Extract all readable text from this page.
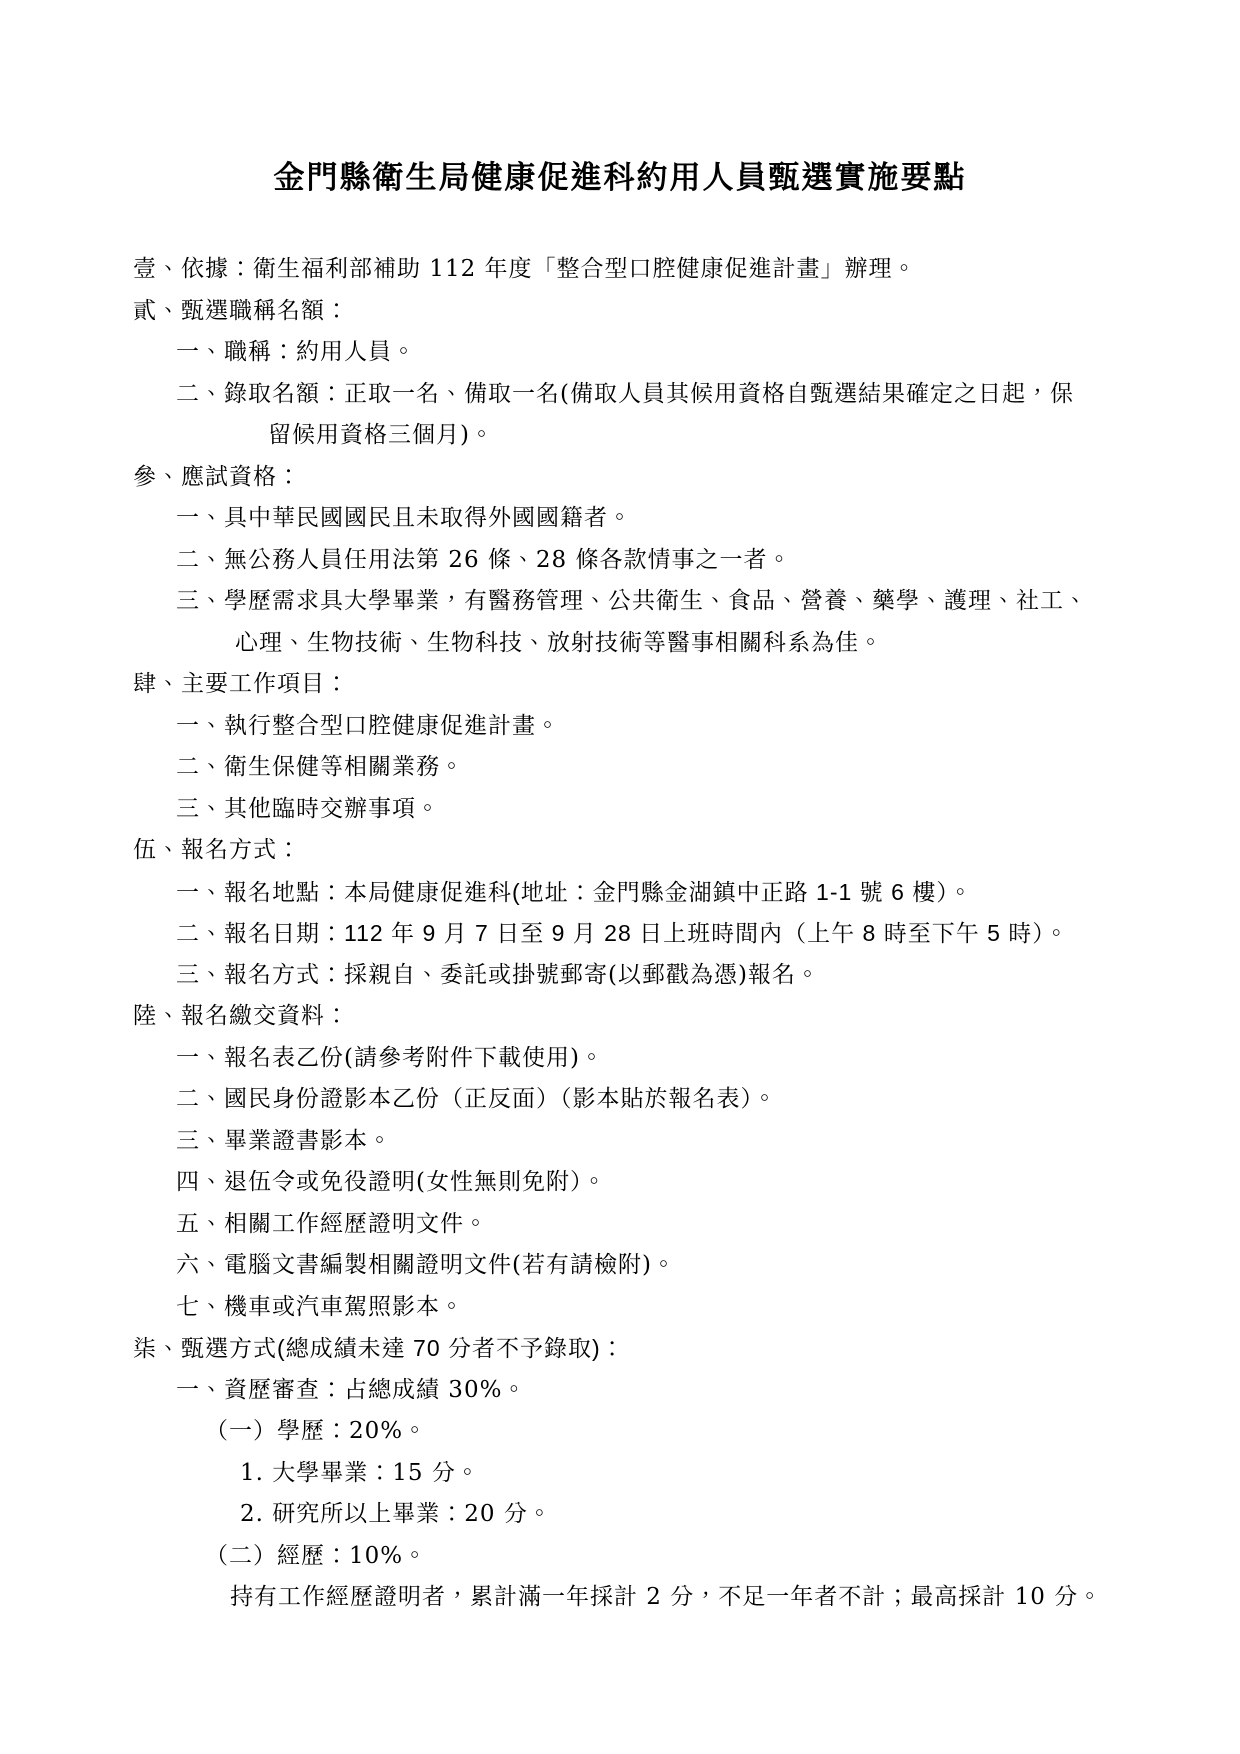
金門縣衛生局健康促進科約用人員甄選實施要點
壹、依據：衛生福利部補助 112 年度「整合型口腔健康促進計畫」辦理。
貳、甄選職稱名額：
一、職稱：約用人員。
二、錄取名額：正取一名、備取一名(備取人員其候用資格自甄選結果確定之日起，保
留候用資格三個月)。
參、應試資格：
一、具中華民國國民且未取得外國國籍者。
二、無公務人員任用法第 26 條、28 條各款情事之一者。
三、學歷需求具大學畢業，有醫務管理、公共衛生、食品、營養、藥學、護理、社工、
心理、生物技術、生物科技、放射技術等醫事相關科系為佳。
肆、主要工作項目：
一、執行整合型口腔健康促進計畫。
二、衛生保健等相關業務。
三、其他臨時交辦事項。
伍、報名方式：
一、報名地點：本局健康促進科(地址：金門縣金湖鎮中正路 1-1 號 6 樓）。
二、報名日期：112 年 9 月 7 日至 9 月 28 日上班時間內（上午 8 時至下午 5 時）。
三、報名方式：採親自、委託或掛號郵寄(以郵戳為憑)報名。
陸、報名繳交資料：
一、報名表乙份(請參考附件下載使用)。
二、國民身份證影本乙份（正反面）（影本貼於報名表）。
三、畢業證書影本。
四、退伍令或免役證明(女性無則免附）。
五、相關工作經歷證明文件。
六、電腦文書編製相關證明文件(若有請檢附)。
七、機車或汽車駕照影本。
柒、甄選方式(總成績未達 70 分者不予錄取)：
一、資歷審查：占總成績 30%。
（一）學歷：20%。
1. 大學畢業：15 分。
2. 研究所以上畢業：20 分。
（二）經歷：10%。
持有工作經歷證明者，累計滿一年採計 2 分，不足一年者不計；最高採計 10 分。
